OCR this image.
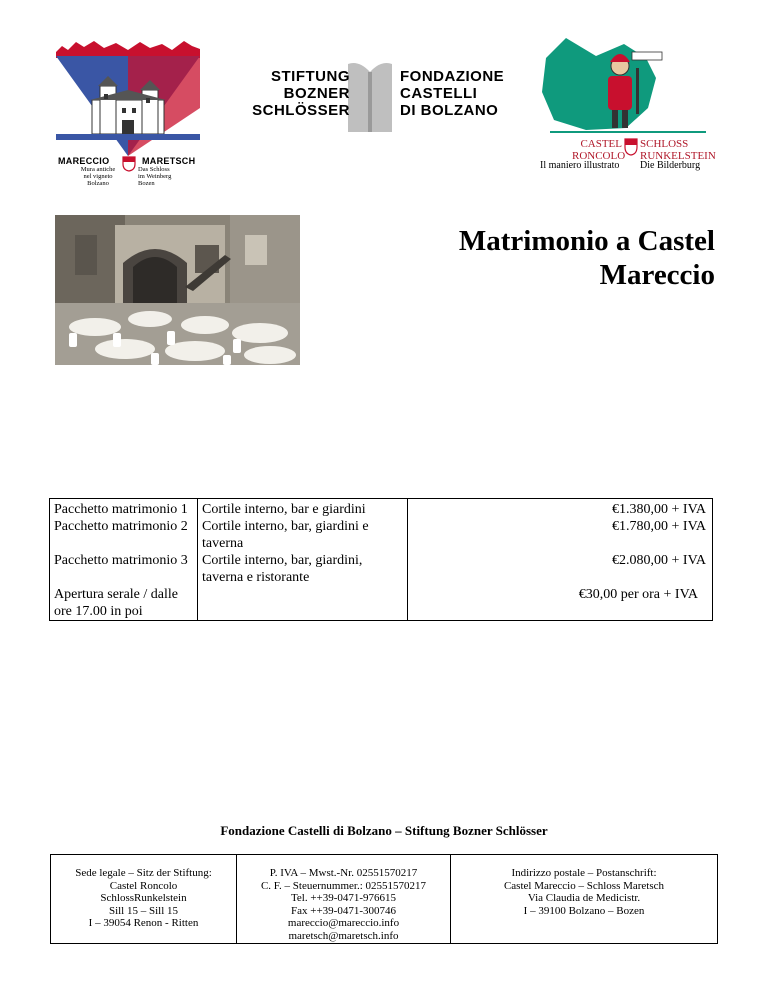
MARECCIO	MARETSCH
Mura antiche
nel vigneto
Bolzano
Das Schloss
im Weinberg
Bozen
STIFTUNG
BOZNER
SCHLÖSSER
FONDAZIONE
CASTELLI
DI BOLZANO
CASTEL
RONCOLO
SCHLOSS
RUNKELSTEIN
Il maniero illustrato Die Bilderburg
Matrimonio a Castel
Mareccio
Pacchetto matrimonio 1	Cortile interno, bar e giardini	€1.380,00 + IVA
Pacchetto matrimonio 2	Cortile interno, bar, giardini e taverna	€1.780,00 + IVA
Pacchetto matrimonio 3	Cortile interno, bar, giardini, taverna e ristorante	€2.080,00 + IVA
Apertura serale / dalle ore 17.00 in poi		€30,00 per ora + IVA
Fondazione Castelli di Bolzano – Stiftung Bozner Schlösser
Sede legale – Sitz der Stiftung:
Castel Roncolo
SchlossRunkelstein
Sill 15 – Sill 15
I – 39054 Renon - Ritten

P. IVA – Mwst.-Nr. 02551570217
C. F. – Steuernummer.: 02551570217
Tel. ++39-0471-976615
Fax ++39-0471-300746
mareccio@mareccio.info
maretsch@maretsch.info

Indirizzo postale – Postanschrift:
Castel Mareccio – Schloss Maretsch
Via Claudia de Medicistr.
I – 39100 Bolzano – Bozen
